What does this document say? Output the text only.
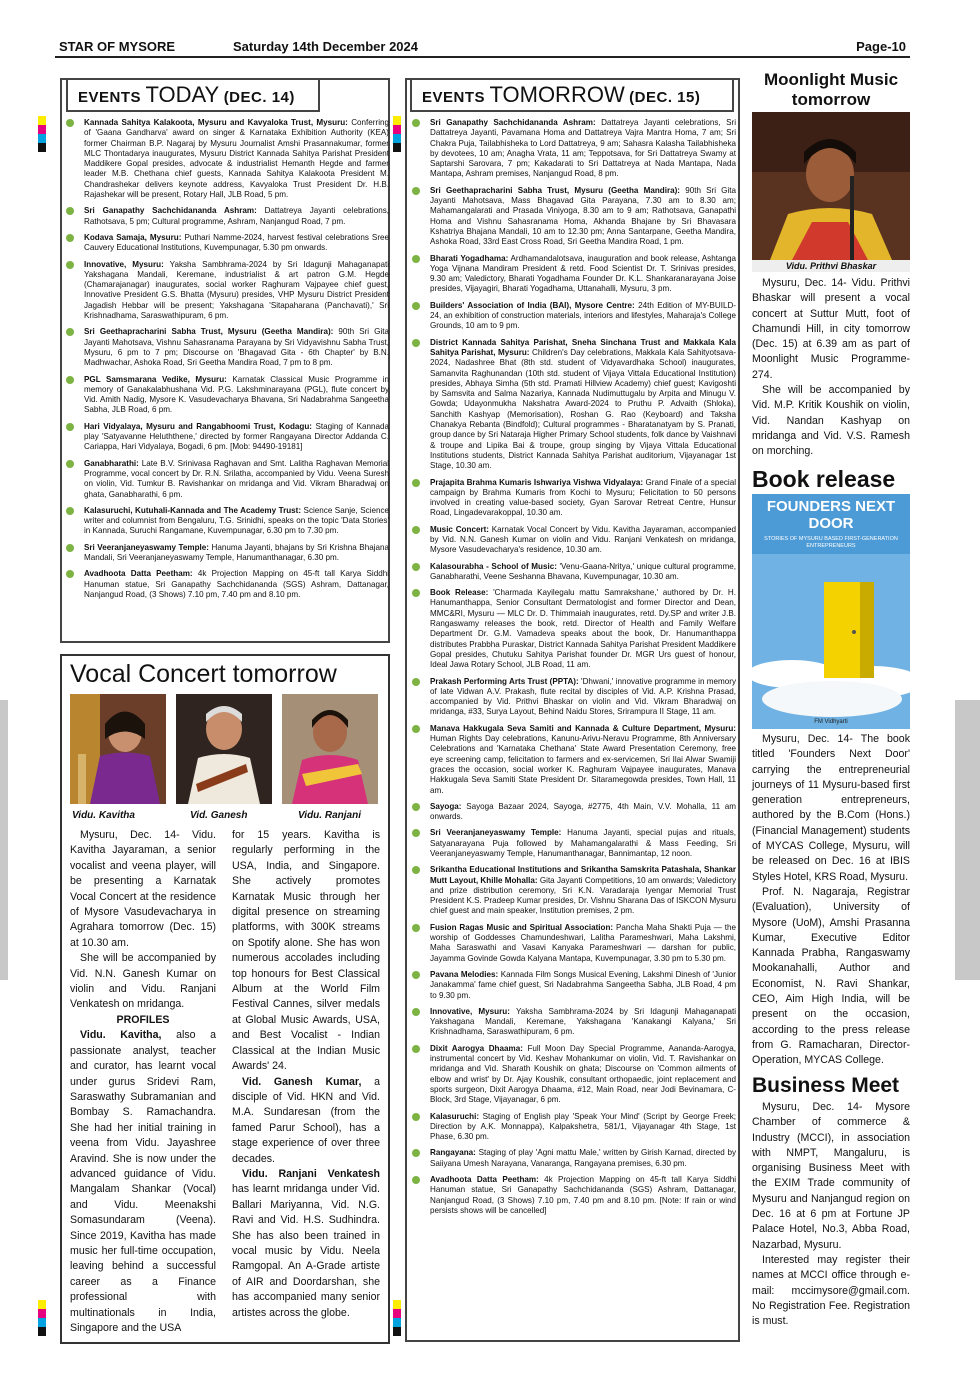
STAR OF MYSORE	Saturday 14th December 2024	Page-10
EVENTS TODAY (DEC. 14)
Kannada Sahitya Kalakoota, Mysuru and Kavyaloka Trust, Mysuru: Conferring of 'Gaana Gandharva' award on singer & Karnataka Exhibition Authority (KEA) former Chairman B.P. Nagaraj by Mysuru Journalist Amshi Prasannakumar, former MLC Thontadarya inaugurates, Mysuru District Kannada Sahitya Parishat President Maddikere Gopal presides, advocate & industrialist Hemanth Hegde and farmer leader M.B. Chethana chief guests, Kannada Sahitya Kalakoota President M. Chandrashekar delivers keynote address, Kavyaloka Trust President Dr. H.B. Rajashekar will be present, Rotary Hall, JLB Road, 5 pm.
Sri Ganapathy Sachchidananda Ashram: Dattatreya Jayanti celebrations, Rathotsava, 5 pm; Cultural programme, Ashram, Nanjangud Road, 7 pm.
Kodava Samaja, Mysuru: Puthari Namme-2024, harvest festival celebrations Sree Cauvery Educational Institutions, Kuvempunagar, 5.30 pm onwards.
Innovative, Mysuru: Yaksha Sambhrama-2024 by Sri Idagunji Mahaganapati Yakshagana Mandali, Keremane, industrialist & art patron G.M. Hegde (Chamarajanagar) inaugurates, social worker Raghuram Vajpayee chief guest, Innovative President G.S. Bhatta (Mysuru) presides, VHP Mysuru District President Jagadish Hebbar will be present; Yakshagana 'Sitapaharana (Panchavati),' Sri Krishnadhama, Saraswathipuram, 6 pm.
Sri Geethapracharini Sabha Trust, Mysuru (Geetha Mandira): 90th Sri Gita Jayanti Mahotsava, Vishnu Sahasranama Parayana by Sri Vidyavishnu Sabha Trust, Mysuru, 6 pm to 7 pm; Discourse on 'Bhagavad Gita - 6th Chapter' by B.N. Madhwachar, Ashoka Road, Sri Geetha Mandira Road, 7 pm to 8 pm.
PGL Samsmarana Vedike, Mysuru: Karnatak Classical Music Programme in memory of Ganakalabhushana Vid. P.G. Lakshminarayana (PGL), flute concert by Vid. Amith Nadig, Mysore K. Vasudevacharya Bhavana, Sri Nadabrahma Sangeetha Sabha, JLB Road, 6 pm.
Hari Vidyalaya, Mysuru and Rangabhoomi Trust, Kodagu: Staging of Kannada play 'Satyavanne Heluththene,' directed by former Rangayana Director Addanda C. Cariappa, Hari Vidyalaya, Bogadi, 6 pm. [Mob: 94490-19181]
Ganabharathi: Late B.V. Srinivasa Raghavan and Smt. Lalitha Raghavan Memorial Programme, vocal concert by Dr. R.N. Srilatha, accompanied by Vidu. Veena Suresh on violin, Vid. Tumkur B. Ravishankar on mridanga and Vid. Vikram Bharadwaj on ghata, Ganabharathi, 6 pm.
Kalasuruchi, Kutuhali-Kannada and The Academy Trust: Science Sanje, Science writer and columnist from Bengaluru, T.G. Srinidhi, speaks on the topic 'Data Stories' in Kannada, Suruchi Rangamane, Kuvempunagar, 6.30 pm to 7.30 pm.
Sri Veeranjaneyaswamy Temple: Hanuma Jayanti, bhajans by Sri Krishna Bhajana Mandali, Sri Veeranjaneyaswamy Temple, Hanumanthanagar, 6.30 pm.
Avadhoota Datta Peetham: 4k Projection Mapping on 45-ft tall Karya Siddhi Hanuman statue, Sri Ganapathy Sachchidananda (SGS) Ashram, Dattanagar, Nanjangud Road, (3 Shows) 7.10 pm, 7.40 pm and 8.10 pm.
EVENTS TOMORROW (DEC. 15)
Sri Ganapathy Sachchidananda Ashram: Dattatreya Jayanti celebrations, Sri Dattatreya Jayanti, Pavamana Homa and Dattatreya Vajra Mantra Homa, 7 am; Sri Chakra Puja, Tailabhisheka to Lord Dattatreya, 9 am; Sahasra Kalasha Tailabhisheka by devotees, 10 am; Anagha Vrata, 11 am; Teppotsava, for Sri Dattatreya Swamy at Saptarshi Sarovara, 7 pm; Kakadarati to Sri Dattatreya at Nada Mantapa, Nada Mantapa, Ashram premises, Nanjangud Road, 8 pm.
Sri Geethapracharini Sabha Trust, Mysuru (Geetha Mandira): 90th Sri Gita Jayanti Mahotsava, Mass Bhagavad Gita Parayana, 7.30 am to 8.30 am; Mahamangalarati and Prasada Viniyoga, 8.30 am to 9 am; Rathotsava, Ganapathi Homa and Vishnu Sahasranama Homa, Akhanda Bhajane by Sri Bhavasara Kshatriya Bhajana Mandali, 10 am to 12.30 pm; Anna Santarpane, Geetha Mandira, Ashoka Road, 33rd East Cross Road, Sri Geetha Mandira Road, 1 pm.
Bharati Yogadhama: Ardhamandalotsava, inauguration and book release, Ashtanga Yoga Vijnana Mandiram President & retd. Food Scientist Dr. T. Srinivas presides, 9.30 am; Valedictory, Bharati Yogadhama Founder Dr. K.L. Shankaranarayana Joise presides, Vijayagiri, Bharati Yogadhama, Uttanahalli, Mysuru, 3 pm.
Builders' Association of India (BAI), Mysore Centre: 24th Edition of MY-BUILD-24, an exhibition of construction materials, interiors and lifestyles, Maharaja's College Grounds, 10 am to 9 pm.
District Kannada Sahitya Parishat, Sneha Sinchana Trust and Makkala Kala Sahitya Parishat, Mysuru: Children's Day celebrations, Makkala Kala Sahityotsava-2024, Nadashree Bhat (8th std. student of Vidyavardhaka School) inaugurates, Samanvita Raghunandan (10th std. student of Vijaya Vittala Educational Institution) presides, Abhaya Simha (5th std. Pramati Hillview Academy) chief guest; Kavigoshti by Samsvita and Salma Nazariya, Kannada Nudimuttugalu by Arpita and Minugu V. Gowda; Udayonmukha Nakshatra Award-2024 to Pruthu P. Advaith (Shloka), Sanchith Kashyap (Memorisation), Roshan G. Rao (Keyboard) and Taksha Chanakya Rebanta (Bindfold); Cultural programmes - Bharatanatyam by S. Pranati, group dance by Sri Nataraja Higher Primary School students, folk dance by Vaishnavi & troupe and Lipika Bai & troupe, group singing by Vijaya Vittala Educational Institutions students, District Kannada Sahitya Parishat auditorium, Vijayanagar 1st Stage, 10.30 am.
Prajapita Brahma Kumaris Ishwariya Vishwa Vidyalaya: Grand Finale of a special campaign by Brahma Kumaris from Kochi to Mysuru; Felicitation to 50 persons involved in creating value-based society, Gyan Sarovar Retreat Centre, Hunsur Road, Lingadevarakoppal, 10.30 am.
Music Concert: Karnatak Vocal Concert by Vidu. Kavitha Jayaraman, accompanied by Vid. N.N. Ganesh Kumar on violin and Vidu. Ranjani Venkatesh on mridanga, Mysore Vasudevacharya's residence, 10.30 am.
Kalasourabha - School of Music: 'Venu-Gaana-Nritya,' unique cultural programme, Ganabharathi, Veene Seshanna Bhavana, Kuvempunagar, 10.30 am.
Book Release: 'Charmada Kayilegalu mattu Samrakshane,' authored by Dr. H. Hanumanthappa, Senior Consultant Dermatologist and former Director and Dean, MMC&RI, Mysuru — MLC Dr. D. Thimmaiah inaugurates, retd. Dy.SP and writer J.B. Rangaswamy releases the book, retd. Director of Health and Family Welfare Department Dr. G.M. Vamadeva speaks about the book, Dr. Hanumanthappa distributes Prabbha Puraskar, District Kannada Sahitya Parishat President Maddikere Gopal presides, Chutuku Sahitya Parishat founder Dr. MGR Urs guest of honour, Ideal Jawa Rotary School, JLB Road, 11 am.
Prakash Performing Arts Trust (PPTA): 'Dhwani,' innovative programme in memory of late Vidwan A.V. Prakash, flute recital by disciples of Vid. A.P. Krishna Prasad, accompanied by Vid. Prithvi Bhaskar on violin and Vid. Vikram Bharadwaj on mridanga, #33, Surya Layout, Behind Naidu Stores, Srirampura II Stage, 11 am.
Manava Hakkugala Seva Samiti and Kannada & Culture Department, Mysuru: Human Rights Day celebrations, Kanunu-Arivu-Neravu Programme, 8th Anniversary Celebrations and 'Karnataka Chethana' State Award Presentation Ceremony, free eye screening camp, felicitation to farmers and ex-servicemen, Sri Ilai Alwar Swamiji graces the occasion, social worker K. Raghuram Vajpayee inaugurates, Manava Hakkugala Seva Samiti State President Dr. Sitaramegowda presides, Town Hall, 11 am.
Sayoga: Sayoga Bazaar 2024, Sayoga, #2775, 4th Main, V.V. Mohalla, 11 am onwards.
Sri Veeranjaneyaswamy Temple: Hanuma Jayanti, special pujas and rituals, Satyanarayana Puja followed by Mahamangalarathi & Mass Feeding, Sri Veeranjaneyaswamy Temple, Hanumanthanagar, Bannimantap, 12 noon.
Srikantha Educational Institutions and Srikantha Samskrita Patashala, Shankar Mutt Layout, Khille Mohalla: Gita Jayanti Competitions, 10 am onwards; Valedictory and prize distribution ceremony, Sri K.N. Varadaraja Iyengar Memorial Trust President K.S. Pradeep Kumar presides, Dr. Vishnu Sharana Das of ISKCON Mysuru chief guest and main speaker, Institution premises, 2 pm.
Fusion Ragas Music and Spiritual Association: Pancha Maha Shakti Puja — the worship of Goddesses Chamundeshwari, Lalitha Parameshwari, Maha Lakshmi, Maha Saraswathi and Vasavi Kanyaka Parameshwari — darshan for public, Jayamma Govinde Gowda Kalyana Mantapa, Kuvempunagar, 3.30 pm to 5.30 pm.
Pavana Melodies: Kannada Film Songs Musical Evening, Lakshmi Dinesh of 'Junior Janakamma' fame chief guest, Sri Nadabrahma Sangeetha Sabha, JLB Road, 4 pm to 9.30 pm.
Innovative, Mysuru: Yaksha Sambhrama-2024 by Sri Idagunji Mahaganapati Yakshagana Mandali, Keremane, Yakshagana 'Kanakangi Kalyana,' Sri Krishnadhama, Saraswathipuram, 6 pm.
Dixit Aarogya Dhaama: Full Moon Day Special Programme, Aananda-Aarogya, instrumental concert by Vid. Keshav Mohankumar on violin, Vid. T. Ravishankar on mridanga and Vid. Sharath Koushik on ghata; Discourse on 'Common ailments of elbow and wrist' by Dr. Ajay Koushik, consultant orthopaedic, joint replacement and sports surgeon, Dixit Aarogya Dhaama, #12, Main Road, near Jodi Bevinamara, C-Block, 3rd Stage, Vijayanagar, 6 pm.
Kalasuruchi: Staging of English play 'Speak Your Mind' (Script by George Freek; Direction by A.K. Monnappa), Kalpakshetra, 581/1, Vijayanagar 4th Stage, 1st Phase, 6.30 pm.
Rangayana: Staging of play 'Agni mattu Male,' written by Girish Karnad, directed by Saiiyana Umesh Narayana, Vanaranga, Rangayana premises, 6.30 pm.
Avadhoota Datta Peetham: 4k Projection Mapping on 45-ft tall Karya Siddhi Hanuman statue, Sri Ganapathy Sachchidananda (SGS) Ashram, Dattanagar, Nanjangud Road, (3 Shows) 7.10 pm, 7.40 pm and 8.10 pm. [Note: If rain or wind persists shows will be cancelled]
Vocal Concert tomorrow
Vidu. Kavitha	Vid. Ganesh	Vidu. Ranjani

Mysuru, Dec. 14- Vidu. Kavitha Jayaraman, a senior vocalist and veena player, will be presenting a Karnatak Vocal Concert at the residence of Mysore Vasudevacharya in Agrahara tomorrow (Dec. 15) at 10.30 am.

She will be accompanied by Vid. N.N. Ganesh Kumar on violin and Vidu. Ranjani Venkatesh on mridanga.

PROFILES

Vidu. Kavitha, also a passionate analyst, teacher and curator, has learnt vocal under gurus Sridevi Ram, Saraswathy Subramanian and Bombay S. Ramachandra. She had her initial training in veena from Vidu. Jayashree Aravind. She is now under the advanced guidance of Vidu. Mangalam Shankar (Vocal) and Vidu. Meenakshi Somasundaram (Veena). Since 2019, Kavitha has made music her full-time occupation, leaving behind a successful career as a Finance professional with multinationals in India, Singapore and the USA

for 15 years. Kavitha is regularly performing in the USA, India, and Singapore. She actively promotes Karnatak Music through her digital presence on streaming platforms, with 300K streams on Spotify alone. She has won numerous accolades including top honours for Best Classical Album at the World Film Festival Cannes, silver medals at Global Music Awards, USA, and Best Vocalist - Indian Classical at the Indian Music Awards' 24.

Vid. Ganesh Kumar, a disciple of Vid. HKN and Vid. M.A. Sundaresan (from the famed Parur School), has a stage experience of over three decades.

Vidu. Ranjani Venkatesh has learnt mridanga under Vid. Ballari Mariyanna, Vid. N.G. Ravi and Vid. H.S. Sudhindra. She has also been trained in vocal music by Vidu. Neela Ramgopal. An A-Grade artiste of AIR and Doordarshan, she has accompanied many senior artistes across the globe.

Moonlight Music tomorrow
Vidu. Prithvi Bhaskar

Mysuru, Dec. 14- Vidu. Prithvi Bhaskar will present a vocal concert at Suttur Mutt, foot of Chamundi Hill, in city tomorrow (Dec. 15) at 6.39 am as part of Moonlight Music Programme-274.

She will be accompanied by Vid. M.P. Kritik Koushik on violin, Vid. Nandan Kashyap on mridanga and Vid. V.S. Ramesh on morching.

Book release
FOUNDERS NEXT DOOR
STORIES OF MYSURU BASED FIRST-GENERATION ENTREPRENEURS
FM Vidhyarti

Mysuru, Dec. 14- The book titled 'Founders Next Door' carrying the entrepreneurial journeys of 11 Mysuru-based first generation entrepreneurs, authored by the B.Com (Hons.) (Financial Management) students of MYCAS College, Mysuru, will be released on Dec. 16 at IBIS Styles Hotel, KRS Road, Mysuru.

Prof. N. Nagaraja, Registrar (Evaluation), University of Mysore (UoM), Amshi Prasanna Kumar, Executive Editor Kannada Prabha, Rangaswamy Mookanahalli, Author and Economist, N. Ravi Shankar, CEO, Aim High India, will be present on the occasion, according to the press release from G. Ramacharan, Director-Operation, MYCAS College.

Business Meet

Mysuru, Dec. 14- Mysore Chamber of commerce & Industry (MCCI), in association with NMPT, Mangaluru, is organising Business Meet with the EXIM Trade community of Mysuru and Nanjangud region on Dec. 16 at 6 pm at Fortune JP Palace Hotel, No.3, Abba Road, Nazarbad, Mysuru.

Interested may register their names at MCCI office through e-mail: mccimysore@gmail.com. No Registration Fee. Registration is must.
